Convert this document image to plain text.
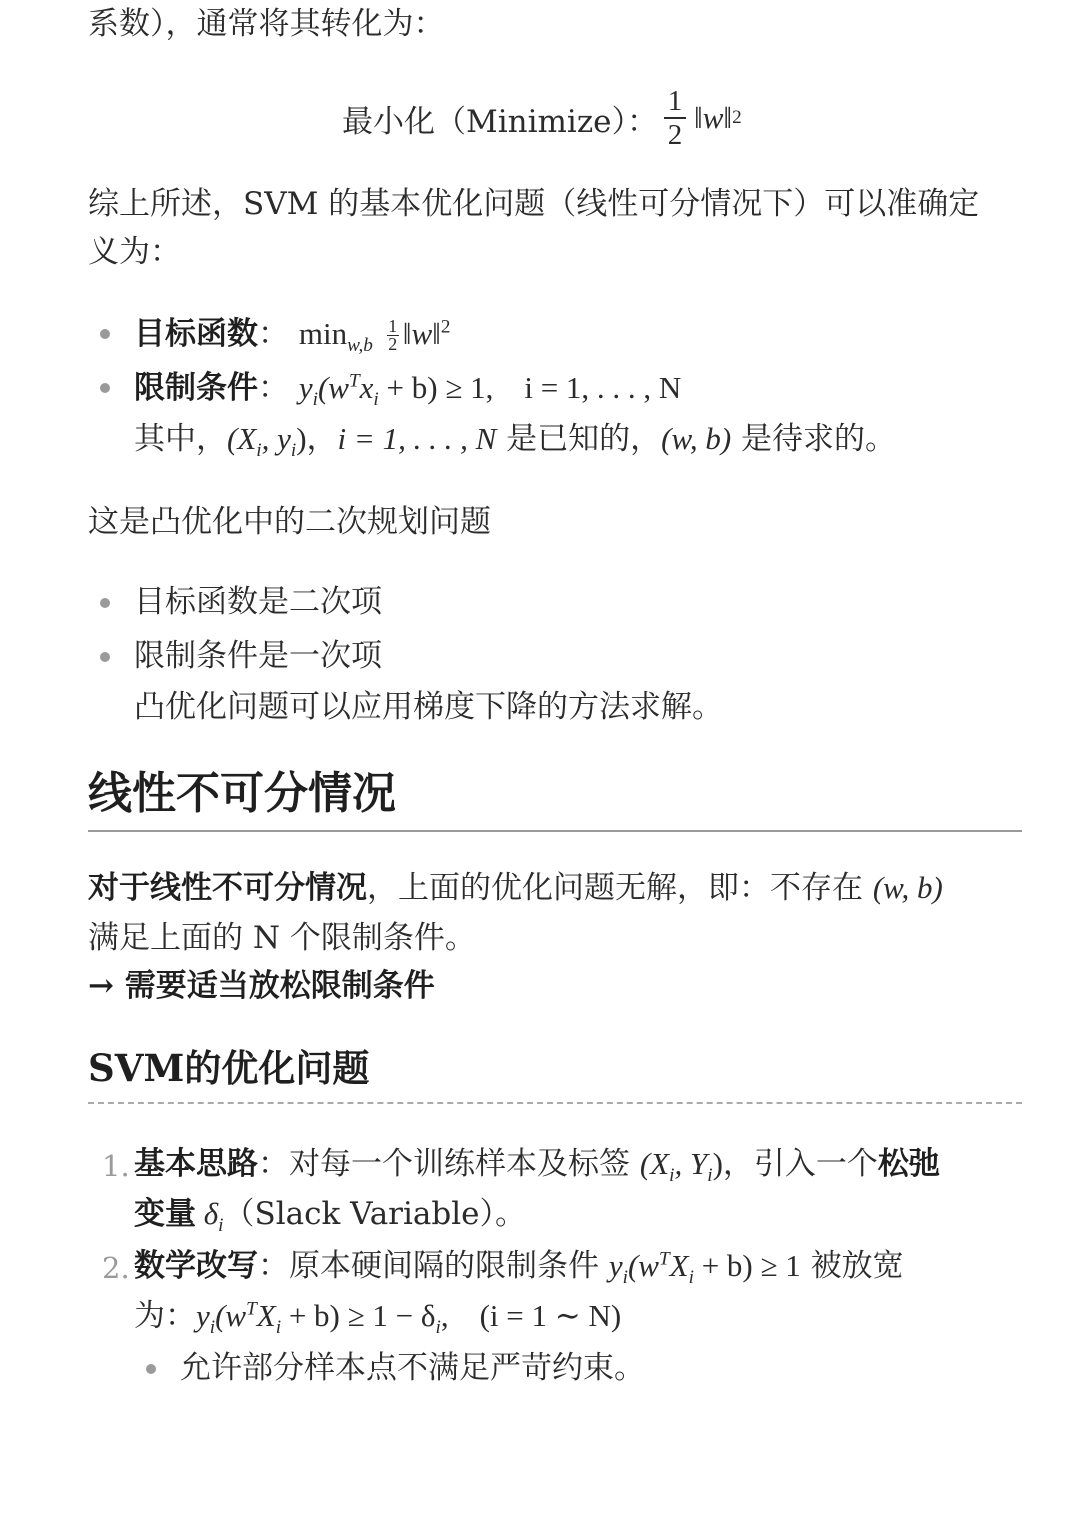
系数），通常将其转化为：
最小化（Minimize）： $\frac{1}{2}$ ‖w‖ 2
综上所述，SVM 的基本优化问题（线性可分情况下）可以准确定
义为：
目标函数： $\min_{w,b} \frac{1}{2}$ ‖w‖$^2$
限制条件： $y_i(w^Tx_i + b) \ge 1$,    i = 1, . . . , N
其中，($X_i$, $y_i$)，i = 1, . . . , N 是已知的，(w, b) 是待求的。
这是凸优化中的二次规划问题
目标函数是二次项
限制条件是一次项
凸优化问题可以应用梯度下降的方法求解。
线性不可分情况
对于线性不可分情况，上面的优化问题无解，即：不存在 (w, b)
满足上面的 N 个限制条件。
→ 需要适当放松限制条件
SVM的优化问题
1. 基本思路：对每一个训练样本及标签 ($X_i$, $Y_i$)，引入一个松弛
变量 $\delta_i(Slack$ Variable）。
2. 数学改写：原本硬间隔的限制条件 $y_i(w^TX_i + b) \ge 1$ 被放宽
为：$y_i(w^TX_i + b) \ge 1 - \delta_i$,    (i = 1 ∼ N)
允许部分样本点不满足严苛约束。
